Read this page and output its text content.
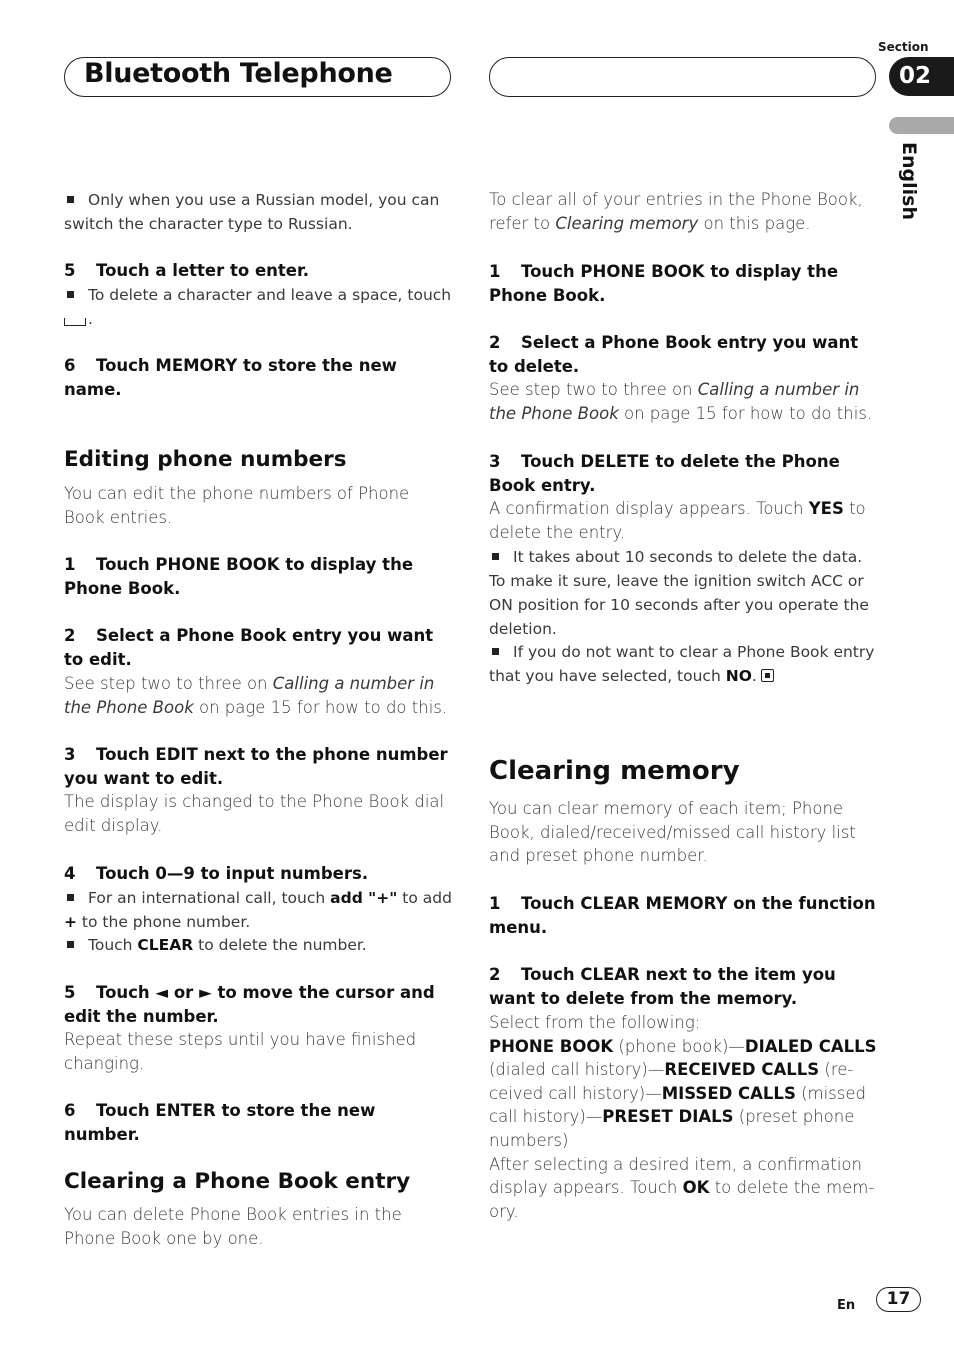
Bluetooth Telephone
Section
02
English
Only when you use a Russian model, you can switch the character type to Russian.
5 Touch a letter to enter.
To delete a character and leave a space, touch
.
6 Touch MEMORY to store the new name.
Editing phone numbers
You can edit the phone numbers of Phone Book entries.
1 Touch PHONE BOOK to display the Phone Book.
2 Select a Phone Book entry you want to edit.
See step two to three on Calling a number in the Phone Book on page 15 for how to do this.
3 Touch EDIT next to the phone number you want to edit.
The display is changed to the Phone Book dial edit display.
4 Touch 0—9 to input numbers.
For an international call, touch add "+" to add
+ to the phone number.
Touch CLEAR to delete the number.
5 Touch ◄ or ► to move the cursor and edit the number.
Repeat these steps until you have finished changing.
6 Touch ENTER to store the new number.
Clearing a Phone Book entry
You can delete Phone Book entries in the Phone Book one by one.
To clear all of your entries in the Phone Book, refer to Clearing memory on this page.
1 Touch PHONE BOOK to display the Phone Book.
2 Select a Phone Book entry you want to delete.
See step two to three on Calling a number in the Phone Book on page 15 for how to do this.
3 Touch DELETE to delete the Phone Book entry.
A confirmation display appears. Touch YES to delete the entry.
It takes about 10 seconds to delete the data. To make it sure, leave the ignition switch ACC or ON position for 10 seconds after you operate the deletion.
If you do not want to clear a Phone Book entry that you have selected, touch NO.
Clearing memory
You can clear memory of each item; Phone Book, dialed/received/missed call history list and preset phone number.
1 Touch CLEAR MEMORY on the function menu.
2 Touch CLEAR next to the item you want to delete from the memory.
Select from the following:
PHONE BOOK (phone book)—DIALED CALLS (dialed call history)—RECEIVED CALLS (re-ceived call history)—MISSED CALLS (missed call history)—PRESET DIALS (preset phone numbers)
After selecting a desired item, a confirmation display appears. Touch OK to delete the mem-ory.
En	17
